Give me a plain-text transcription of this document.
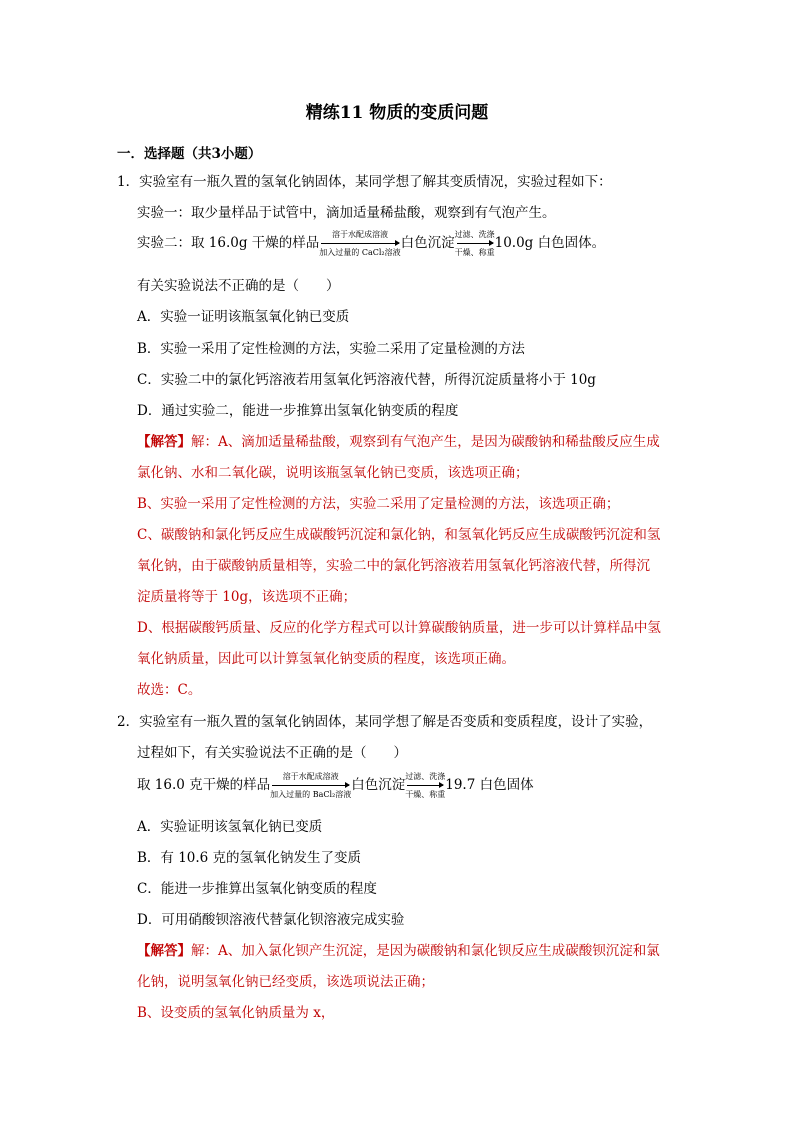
精练11 物质的变质问题
一．选择题（共3小题）
1．实验室有一瓶久置的氢氧化钠固体，某同学想了解其变质情况，实验过程如下：
实验一：取少量样品于试管中，滴加适量稀盐酸，观察到有气泡产生。
实验二：取 16.0g 干燥的样品
溶于水配成溶液
加入过量的 CaCl₂溶液
白色沉淀
过滤、洗涤
干燥、称重
10.0g 白色固体。
有关实验说法不正确的是（　　）
A．实验一证明该瓶氢氧化钠已变质
B．实验一采用了定性检测的方法，实验二采用了定量检测的方法
C．实验二中的氯化钙溶液若用氢氧化钙溶液代替，所得沉淀质量将小于 10g
D．通过实验二，能进一步推算出氢氧化钠变质的程度
【解答】解：A、滴加适量稀盐酸，观察到有气泡产生，是因为碳酸钠和稀盐酸反应生成
氯化钠、水和二氧化碳，说明该瓶氢氧化钠已变质，该选项正确；
B、实验一采用了定性检测的方法，实验二采用了定量检测的方法，该选项正确；
C、碳酸钠和氯化钙反应生成碳酸钙沉淀和氯化钠，和氢氧化钙反应生成碳酸钙沉淀和氢
氧化钠，由于碳酸钠质量相等，实验二中的氯化钙溶液若用氢氧化钙溶液代替，所得沉
淀质量将等于 10g，该选项不正确；
D、根据碳酸钙质量、反应的化学方程式可以计算碳酸钠质量，进一步可以计算样品中氢
氧化钠质量，因此可以计算氢氧化钠变质的程度，该选项正确。
故选：C。
2．实验室有一瓶久置的氢氧化钠固体，某同学想了解是否变质和变质程度，设计了实验，
过程如下，有关实验说法不正确的是（　　）
取 16.0 克干燥的样品
溶于水配成溶液
加入过量的 BaCl₂溶液
白色沉淀
过滤、洗涤
干燥、称重
19.7 白色固体
A．实验证明该氢氧化钠已变质
B．有 10.6 克的氢氧化钠发生了变质
C．能进一步推算出氢氧化钠变质的程度
D．可用硝酸钡溶液代替氯化钡溶液完成实验
【解答】解：A、加入氯化钡产生沉淀，是因为碳酸钠和氯化钡反应生成碳酸钡沉淀和氯
化钠，说明氢氧化钠已经变质，该选项说法正确；
B、设变质的氢氧化钠质量为 x，
